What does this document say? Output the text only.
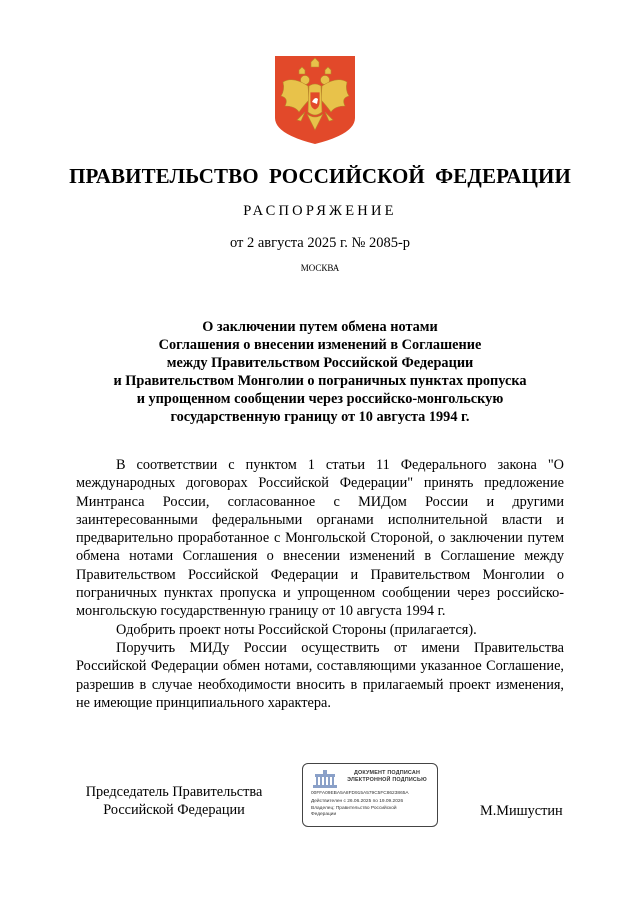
ПРАВИТЕЛЬСТВО РОССИЙСКОЙ ФЕДЕРАЦИИ
РАСПОРЯЖЕНИЕ
от 2 августа 2025 г. № 2085-р
МОСКВА
О заключении путем обмена нотами
Соглашения о внесении изменений в Соглашение
между Правительством Российской Федерации
и Правительством Монголии о пограничных пунктах пропуска
и упрощенном сообщении через российско-монгольскую
государственную границу от 10 августа 1994 г.

В соответствии с пунктом 1 статьи 11 Федерального закона "О международных договорах Российской Федерации" принять предложение Минтранса России, согласованное с МИДом России и другими заинтересованными федеральными органами исполнительной власти и предварительно проработанное с Монгольской Стороной, о заключении путем обмена нотами Соглашения о внесении изменений в Соглашение между Правительством Российской Федерации и Правительством Монголии о пограничных пунктах пропуска и упрощенном сообщении через российско-монгольскую государственную границу от 10 августа 1994 г.

Одобрить проект ноты Российской Стороны (прилагается).

Поручить МИДу России осуществить от имени Правительства Российской Федерации обмен нотами, составляющими указанное Соглашение, разрешив в случае необходимости вносить в прилагаемый проект изменения, не имеющие принципиального характера.

Председатель Правительства
Российской Федерации
ДОКУМЕНТ ПОДПИСАН
ЭЛЕКТРОННОЙ ПОДПИСЬЮ
00FFA09EBA5A8FD915A579C5FC8623865A
Действителен с 26.06.2025 по 19.09.2026
Владелец: Правительство Российской
Федерации	М.Мишустин
